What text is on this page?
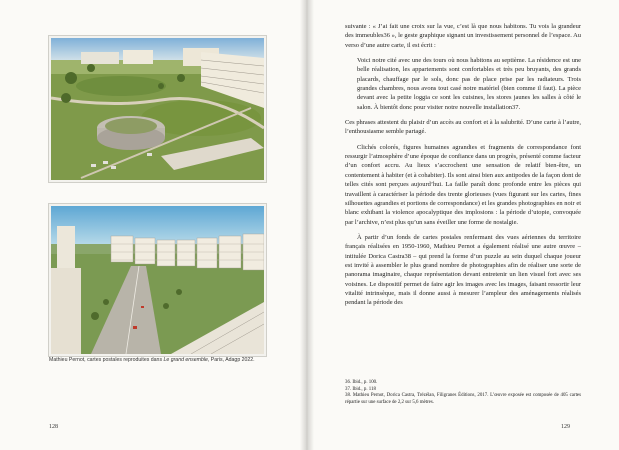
Mathieu Pernot, cartes postales reproduites dans Le grand ensemble, Paris, Adagp 2022.
128

suivante : « J’ai fait une croix sur la vue, c’est là que nous habitons. Tu vois la grandeur des immeubles36 », le geste graphique signant un investissement personnel de l’espace. Au verso d’une autre carte, il est écrit :

Voici notre cité avec une des tours où nous habitons au septième. La résidence est une belle réalisation, les appartements sont confortables et très peu bruyants, des grands placards, chauffage par le sols, donc pas de place prise par les radiateurs. Trois grandes chambres, nous avons tout casé notre matériel (bien comme il faut). La pièce devant avec la petite loggia ce sont les cuisines, les stores jaunes les salles à côté le salon. À bientôt donc pour visiter notre nouvelle installation37.

Ces phrases attestent du plaisir d’un accès au confort et à la salubrité. D’une carte à l’autre, l’enthousiasme semble partagé.

Clichés colorés, figures humaines agrandies et fragments de correspondance font ressurgir l’atmosphère d’une époque de confiance dans un progrès, présenté comme facteur d’un confort accru. Au lieux s’accrochent une sensation de relatif bien-être, un contentement à habiter (et à cohabiter). Ils sont ainsi bien aux antipodes de la façon dont de telles cités sont perçues aujourd’hui. La faille paraît donc profonde entre les pièces qui travaillent à caractériser la période des trente glorieuses (vues figurant sur les cartes, fines silhouettes agrandies et portions de correspondance) et les grandes photographies en noir et blanc exhibant la violence apocalyptique des implosions : la période d’utopie, convoquée par l’archive, n’est plus qu’un sans éveiller une forme de nostalgie.

À partir d’un fonds de cartes postales renfermant des vues aériennes du territoire français réalisées en 1950-1960, Mathieu Pernot a également réalisé une autre œuvre – intitulée Dorica Castra38 – qui prend la forme d’un puzzle au sein duquel chaque joueur est invité à assembler le plus grand nombre de photographies afin de réaliser une sorte de panorama imaginaire, chaque représentation devant entretenir un lien visuel fort avec ses voisines. Le dispositif permet de faire agir les images avec les images, faisant ressortir leur vitalité intrinsèque, mais il donne aussi à mesurer l’ampleur des aménagements réalisés pendant la période des

36. Ibid., p. 100.

37. Ibid., p. 118

38. Mathieu Pernot, Dorica Castra, Trézélan, Filigranes Éditions, 2017. L’œuvre exposée est composée de 405 cartes répartie sur une surface de 2,2 sur 5,6 mètres.

129
